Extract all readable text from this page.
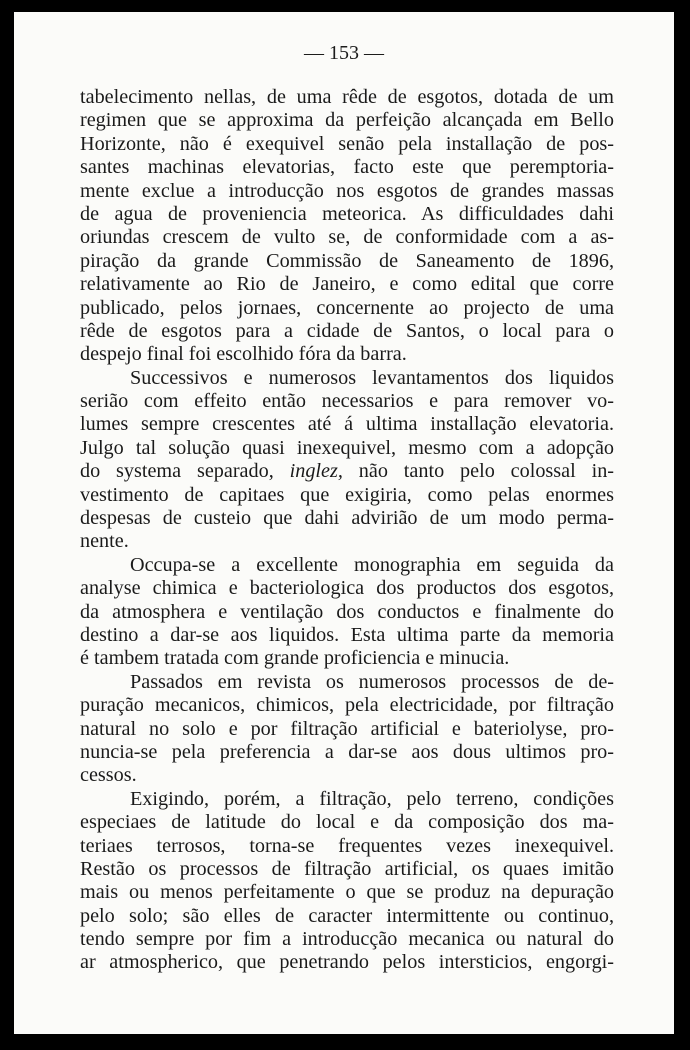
— 153 —
tabelecimento nellas, de uma rêde de esgotos, dotada de um
regimen que se approxima da perfeição alcançada em Bello
Horizonte, não é exequivel senão pela installação de pos-
santes machinas elevatorias, facto este que peremptoria-
mente exclue a introducção nos esgotos de grandes massas
de agua de proveniencia meteorica. As difficuldades dahi
oriundas crescem de vulto se, de conformidade com a as-
piração da grande Commissão de Saneamento de 1896,
relativamente ao Rio de Janeiro, e como edital que corre
publicado, pelos jornaes, concernente ao projecto de uma
rêde de esgotos para a cidade de Santos, o local para o
despejo final foi escolhido fóra da barra.
Successivos e numerosos levantamentos dos liquidos
serião com effeito então necessarios e para remover vo-
lumes sempre crescentes até á ultima installação elevatoria.
Julgo tal solução quasi inexequivel, mesmo com a adopção
do systema separado, inglez, não tanto pelo colossal in-
vestimento de capitaes que exigiria, como pelas enormes
despesas de custeio que dahi advirião de um modo perma-
nente.
Occupa-se a excellente monographia em seguida da
analyse chimica e bacteriologica dos productos dos esgotos,
da atmosphera e ventilação dos conductos e finalmente do
destino a dar-se aos liquidos. Esta ultima parte da memoria
é tambem tratada com grande proficiencia e minucia.
Passados em revista os numerosos processos de de-
puração mecanicos, chimicos, pela electricidade, por filtração
natural no solo e por filtração artificial e bateriolyse, pro-
nuncia-se pela preferencia a dar-se aos dous ultimos pro-
cessos.
Exigindo, porém, a filtração, pelo terreno, condições
especiaes de latitude do local e da composição dos ma-
teriaes terrosos, torna-se frequentes vezes inexequivel.
Restão os processos de filtração artificial, os quaes imitão
mais ou menos perfeitamente o que se produz na depuração
pelo solo; são elles de caracter intermittente ou continuo,
tendo sempre por fim a introducção mecanica ou natural do
ar atmospherico, que penetrando pelos intersticios, engorgi-
